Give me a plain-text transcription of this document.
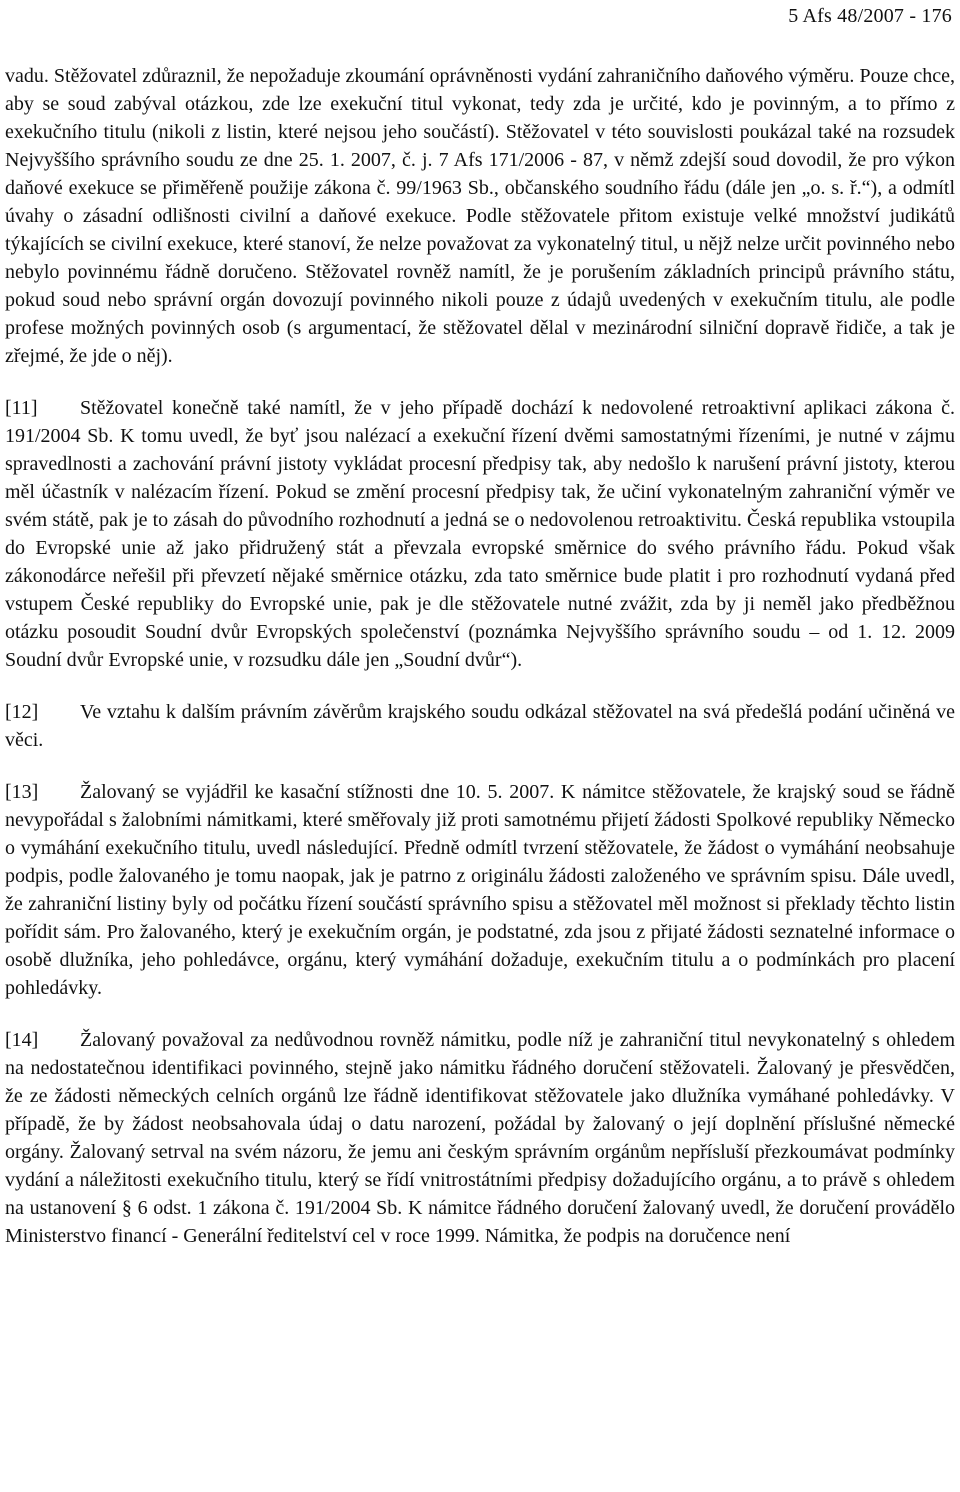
5 Afs 48/2007 - 176

vadu. Stěžovatel zdůraznil, že nepožaduje zkoumání oprávněnosti vydání zahraničního daňového výměru. Pouze chce, aby se soud zabýval otázkou, zde lze exekuční titul vykonat, tedy zda je určité, kdo je povinným, a to přímo z exekučního titulu (nikoli z listin, které nejsou jeho součástí). Stěžovatel v této souvislosti poukázal také na rozsudek Nejvyššího správního soudu ze dne 25. 1. 2007, č. j. 7 Afs 171/2006 - 87, v němž zdejší soud dovodil, že pro výkon daňové exekuce se přiměřeně použije zákona č. 99/1963 Sb., občanského soudního řádu (dále jen „o. s. ř.“), a odmítl úvahy o zásadní odlišnosti civilní a daňové exekuce. Podle stěžovatele přitom existuje velké množství judikátů týkajících se civilní exekuce, které stanoví, že nelze považovat za vykonatelný titul, u nějž nelze určit povinného nebo nebylo povinnému řádně doručeno. Stěžovatel rovněž namítl, že je porušením základních principů právního státu, pokud soud nebo správní orgán dovozují povinného nikoli pouze z údajů uvedených v exekučním titulu, ale podle profese možných povinných osob (s argumentací, že stěžovatel dělal v mezinárodní silniční dopravě řidiče, a tak je zřejmé, že jde o něj).

[11] Stěžovatel konečně také namítl, že v jeho případě dochází k nedovolené retroaktivní aplikaci zákona č. 191/2004 Sb. K tomu uvedl, že byť jsou nalézací a exekuční řízení dvěmi samostatnými řízeními, je nutné v zájmu spravedlnosti a zachování právní jistoty vykládat procesní předpisy tak, aby nedošlo k narušení právní jistoty, kterou měl účastník v nalézacím řízení. Pokud se změní procesní předpisy tak, že učiní vykonatelným zahraniční výměr ve svém státě, pak je to zásah do původního rozhodnutí a jedná se o nedovolenou retroaktivitu. Česká republika vstoupila do Evropské unie až jako přidružený stát a převzala evropské směrnice do svého právního řádu. Pokud však zákonodárce neřešil při převzetí nějaké směrnice otázku, zda tato směrnice bude platit i pro rozhodnutí vydaná před vstupem České republiky do Evropské unie, pak je dle stěžovatele nutné zvážit, zda by ji neměl jako předběžnou otázku posoudit Soudní dvůr Evropských společenství (poznámka Nejvyššího správního soudu – od 1. 12. 2009 Soudní dvůr Evropské unie, v rozsudku dále jen „Soudní dvůr“).

[12] Ve vztahu k dalším právním závěrům krajského soudu odkázal stěžovatel na svá předešlá podání učiněná ve věci.

[13] Žalovaný se vyjádřil ke kasační stížnosti dne 10. 5. 2007. K námitce stěžovatele, že krajský soud se řádně nevypořádal s žalobními námitkami, které směřovaly již proti samotnému přijetí žádosti Spolkové republiky Německo o vymáhání exekučního titulu, uvedl následující. Předně odmítl tvrzení stěžovatele, že žádost o vymáhání neobsahuje podpis, podle žalovaného je tomu naopak, jak je patrno z originálu žádosti založeného ve správním spisu. Dále uvedl, že zahraniční listiny byly od počátku řízení součástí správního spisu a stěžovatel měl možnost si překlady těchto listin pořídit sám. Pro žalovaného, který je exekučním orgán, je podstatné, zda jsou z přijaté žádosti seznatelné informace o osobě dlužníka, jeho pohledávce, orgánu, který vymáhání dožaduje, exekučním titulu a o podmínkách pro placení pohledávky.

[14] Žalovaný považoval za nedůvodnou rovněž námitku, podle níž je zahraniční titul nevykonatelný s ohledem na nedostatečnou identifikaci povinného, stejně jako námitku řádného doručení stěžovateli. Žalovaný je přesvědčen, že ze žádosti německých celních orgánů lze řádně identifikovat stěžovatele jako dlužníka vymáhané pohledávky. V případě, že by žádost neobsahovala údaj o datu narození, požádal by žalovaný o její doplnění příslušné německé orgány. Žalovaný setrval na svém názoru, že jemu ani českým správním orgánům nepřísluší přezkoumávat podmínky vydání a náležitosti exekučního titulu, který se řídí vnitrostátními předpisy dožadujícího orgánu, a to právě s ohledem na ustanovení § 6 odst. 1 zákona č. 191/2004 Sb. K námitce řádného doručení žalovaný uvedl, že doručení provádělo Ministerstvo financí - Generální ředitelství cel v roce 1999. Námitka, že podpis na doručence není
